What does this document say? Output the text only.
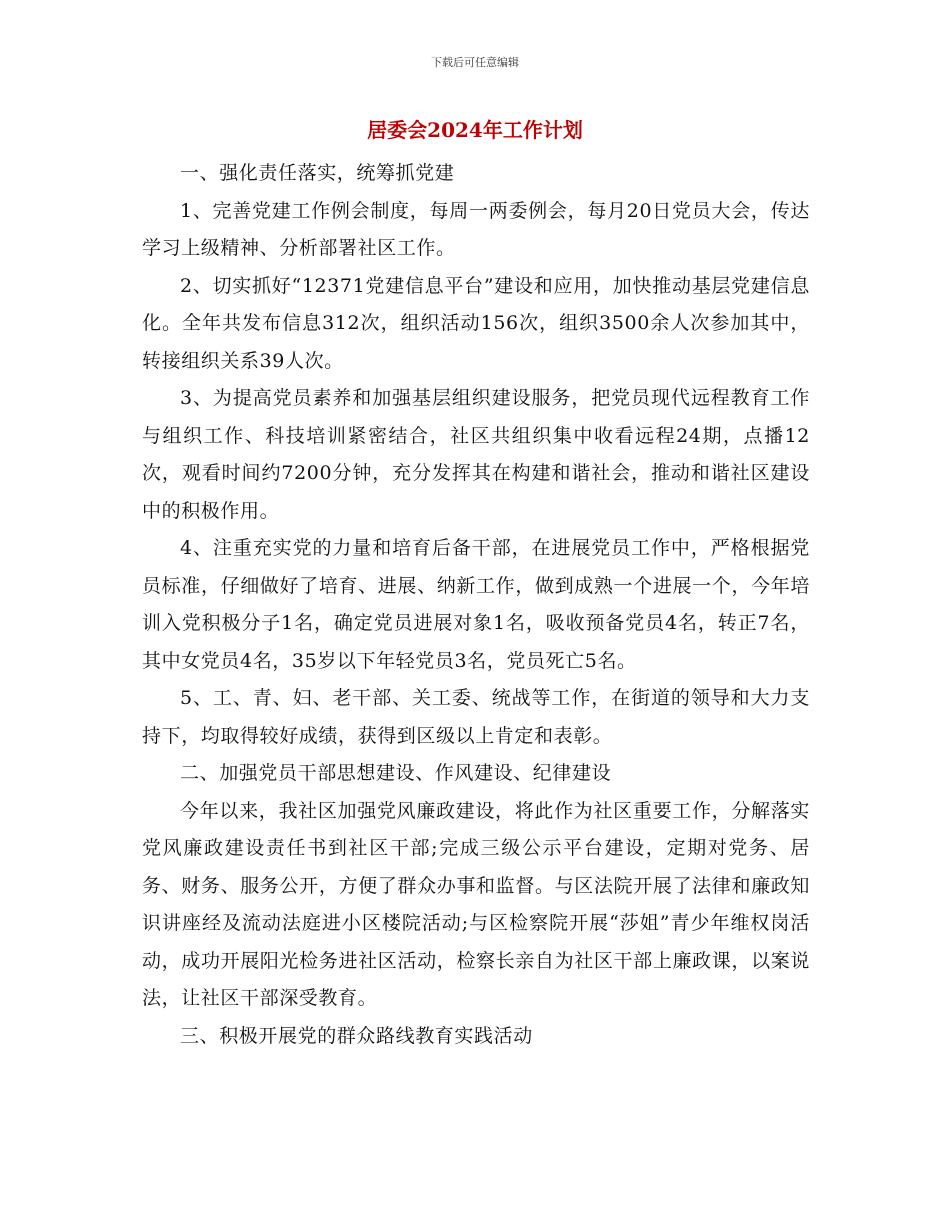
下载后可任意编辑
居委会2024年工作计划

一、强化责任落实，统筹抓党建

1、完善党建工作例会制度，每周一两委例会，每月20日党员大会，传达学习上级精神、分析部署社区工作。

2、切实抓好“12371党建信息平台”建设和应用，加快推动基层党建信息化。全年共发布信息312次，组织活动156次，组织3500余人次参加其中，转接组织关系39人次。

3、为提高党员素养和加强基层组织建设服务，把党员现代远程教育工作与组织工作、科技培训紧密结合，社区共组织集中收看远程24期，点播12次，观看时间约7200分钟，充分发挥其在构建和谐社会，推动和谐社区建设中的积极作用。

4、注重充实党的力量和培育后备干部，在进展党员工作中，严格根据党员标准，仔细做好了培育、进展、纳新工作，做到成熟一个进展一个，今年培训入党积极分子1名，确定党员进展对象1名，吸收预备党员4名，转正7名，其中女党员4名，35岁以下年轻党员3名，党员死亡5名。

5、工、青、妇、老干部、关工委、统战等工作，在街道的领导和大力支持下，均取得较好成绩，获得到区级以上肯定和表彰。

二、加强党员干部思想建设、作风建设、纪律建设

今年以来，我社区加强党风廉政建设，将此作为社区重要工作，分解落实党风廉政建设责任书到社区干部;完成三级公示平台建设，定期对党务、居务、财务、服务公开，方便了群众办事和监督。与区法院开展了法律和廉政知识讲座经及流动法庭进小区楼院活动;与区检察院开展“莎姐”青少年维权岗活动，成功开展阳光检务进社区活动，检察长亲自为社区干部上廉政课，以案说法，让社区干部深受教育。

三、积极开展党的群众路线教育实践活动
